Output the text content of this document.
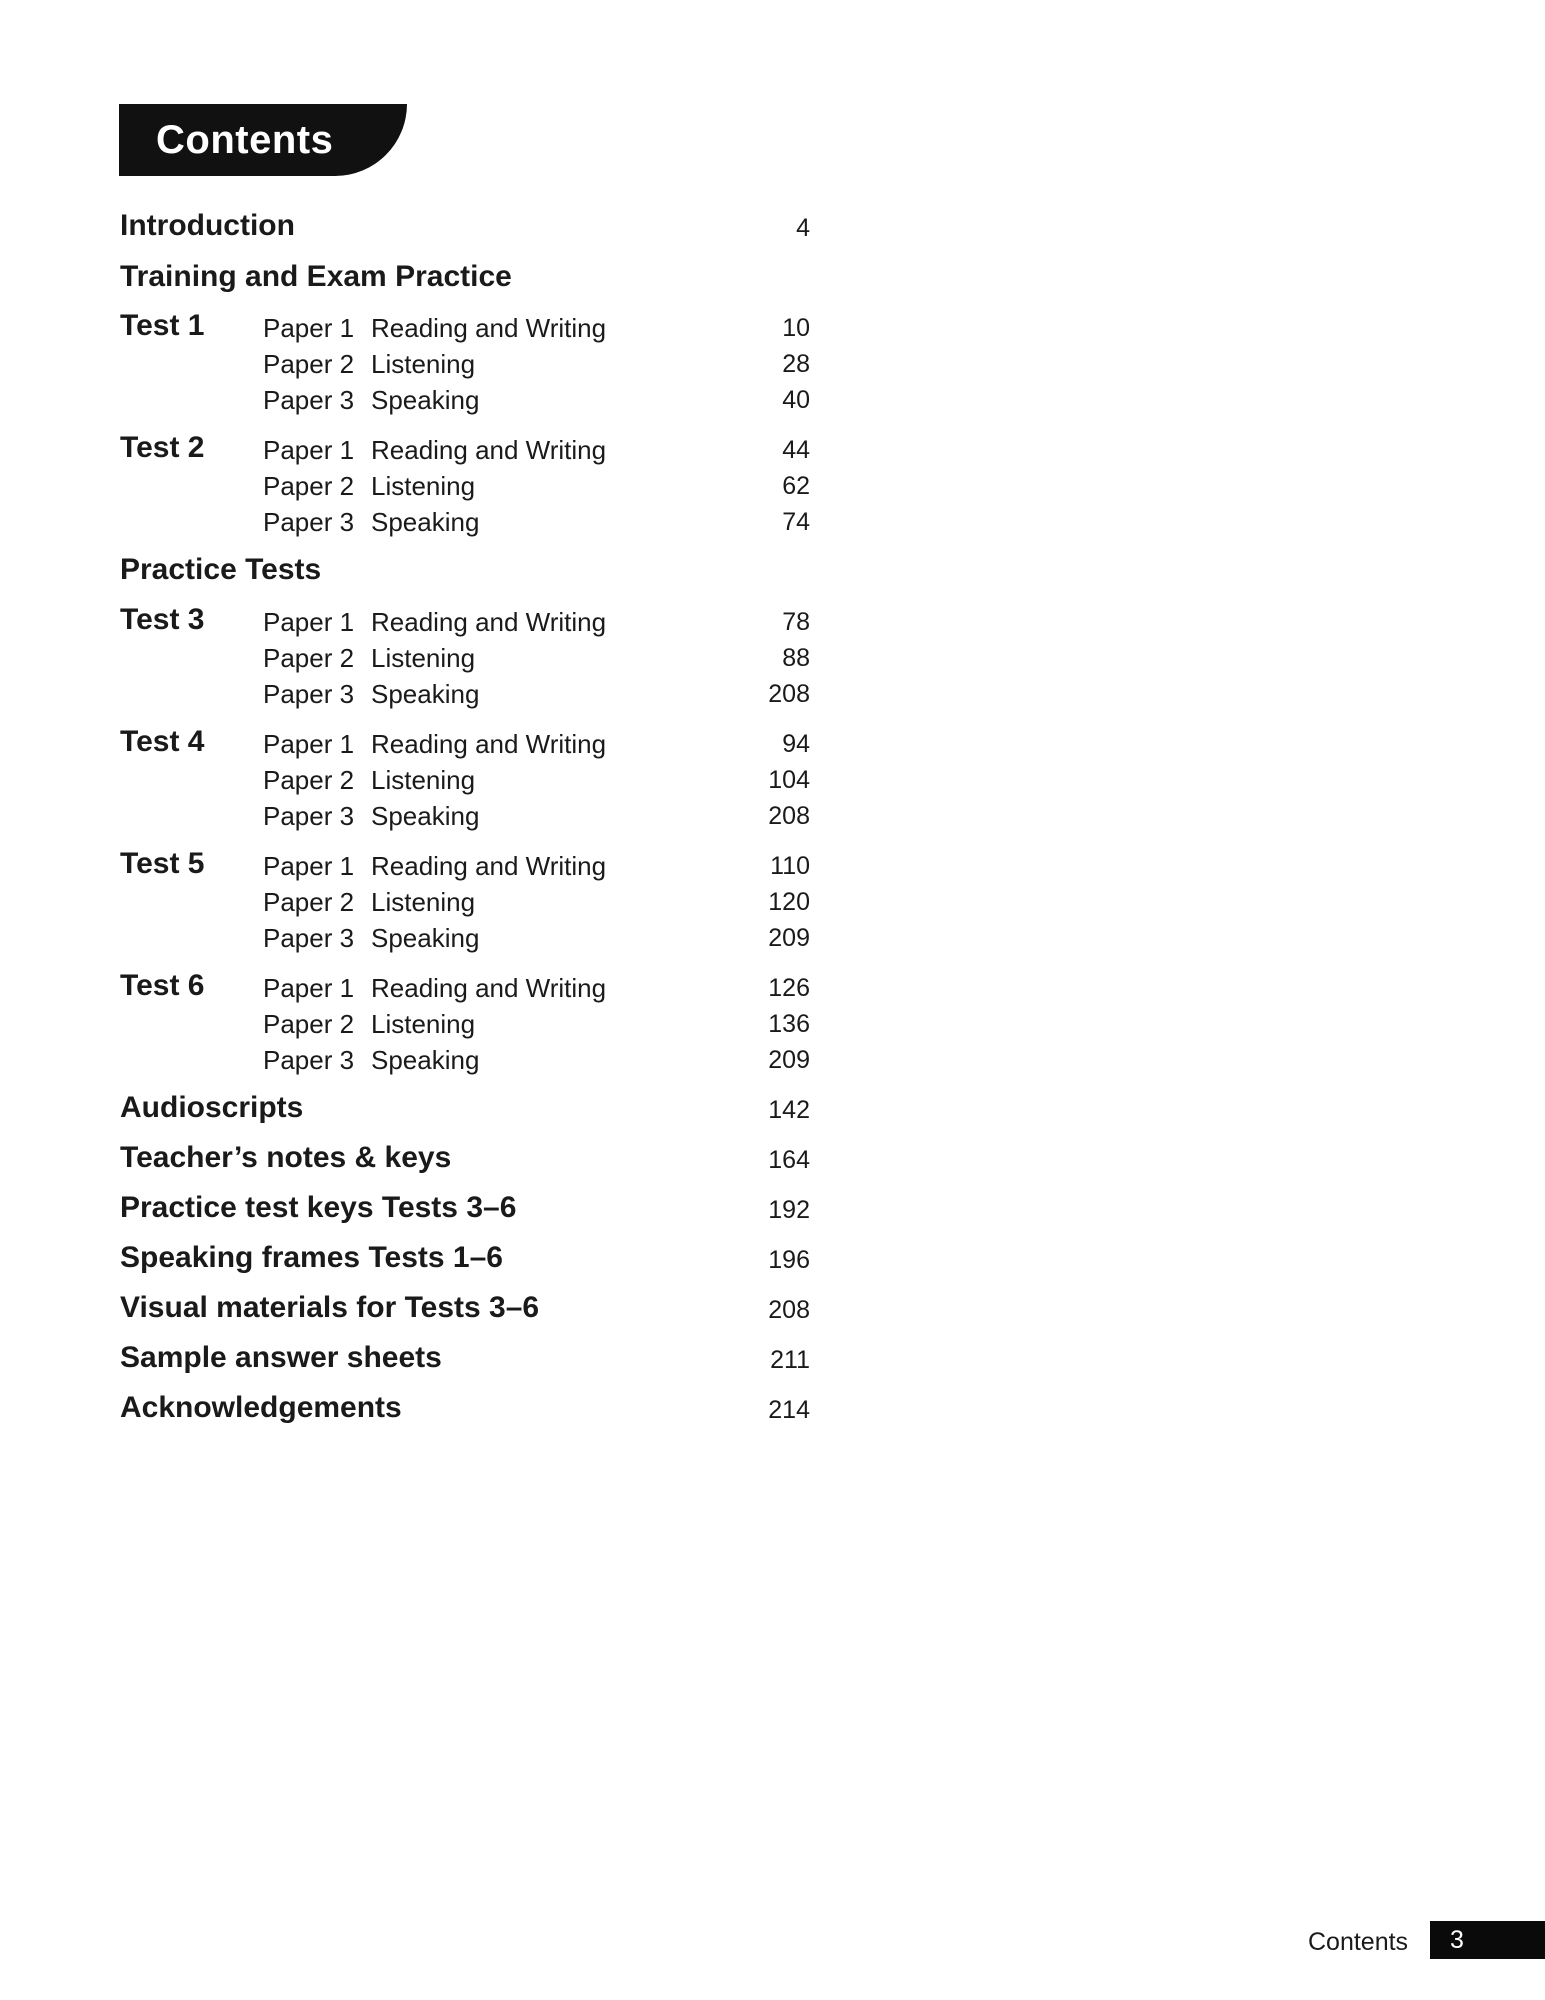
Contents
Introduction	4
Training and Exam Practice
Test 1 Paper 1 Reading and Writing	10
Paper 2 Listening	28
Paper 3 Speaking	40
Test 2 Paper 1 Reading and Writing	44
Paper 2 Listening	62
Paper 3 Speaking	74
Practice Tests
Test 3 Paper 1 Reading and Writing	78
Paper 2 Listening	88
Paper 3 Speaking	208
Test 4 Paper 1 Reading and Writing	94
Paper 2 Listening	104
Paper 3 Speaking	208
Test 5 Paper 1 Reading and Writing	110
Paper 2 Listening	120
Paper 3 Speaking	209
Test 6 Paper 1 Reading and Writing	126
Paper 2 Listening	136
Paper 3 Speaking	209
Audioscripts	142
Teacher’s notes & keys	164
Practice test keys Tests 3–6	192
Speaking frames Tests 1–6	196
Visual materials for Tests 3–6	208
Sample answer sheets	211
Acknowledgements	214
Contents	3
